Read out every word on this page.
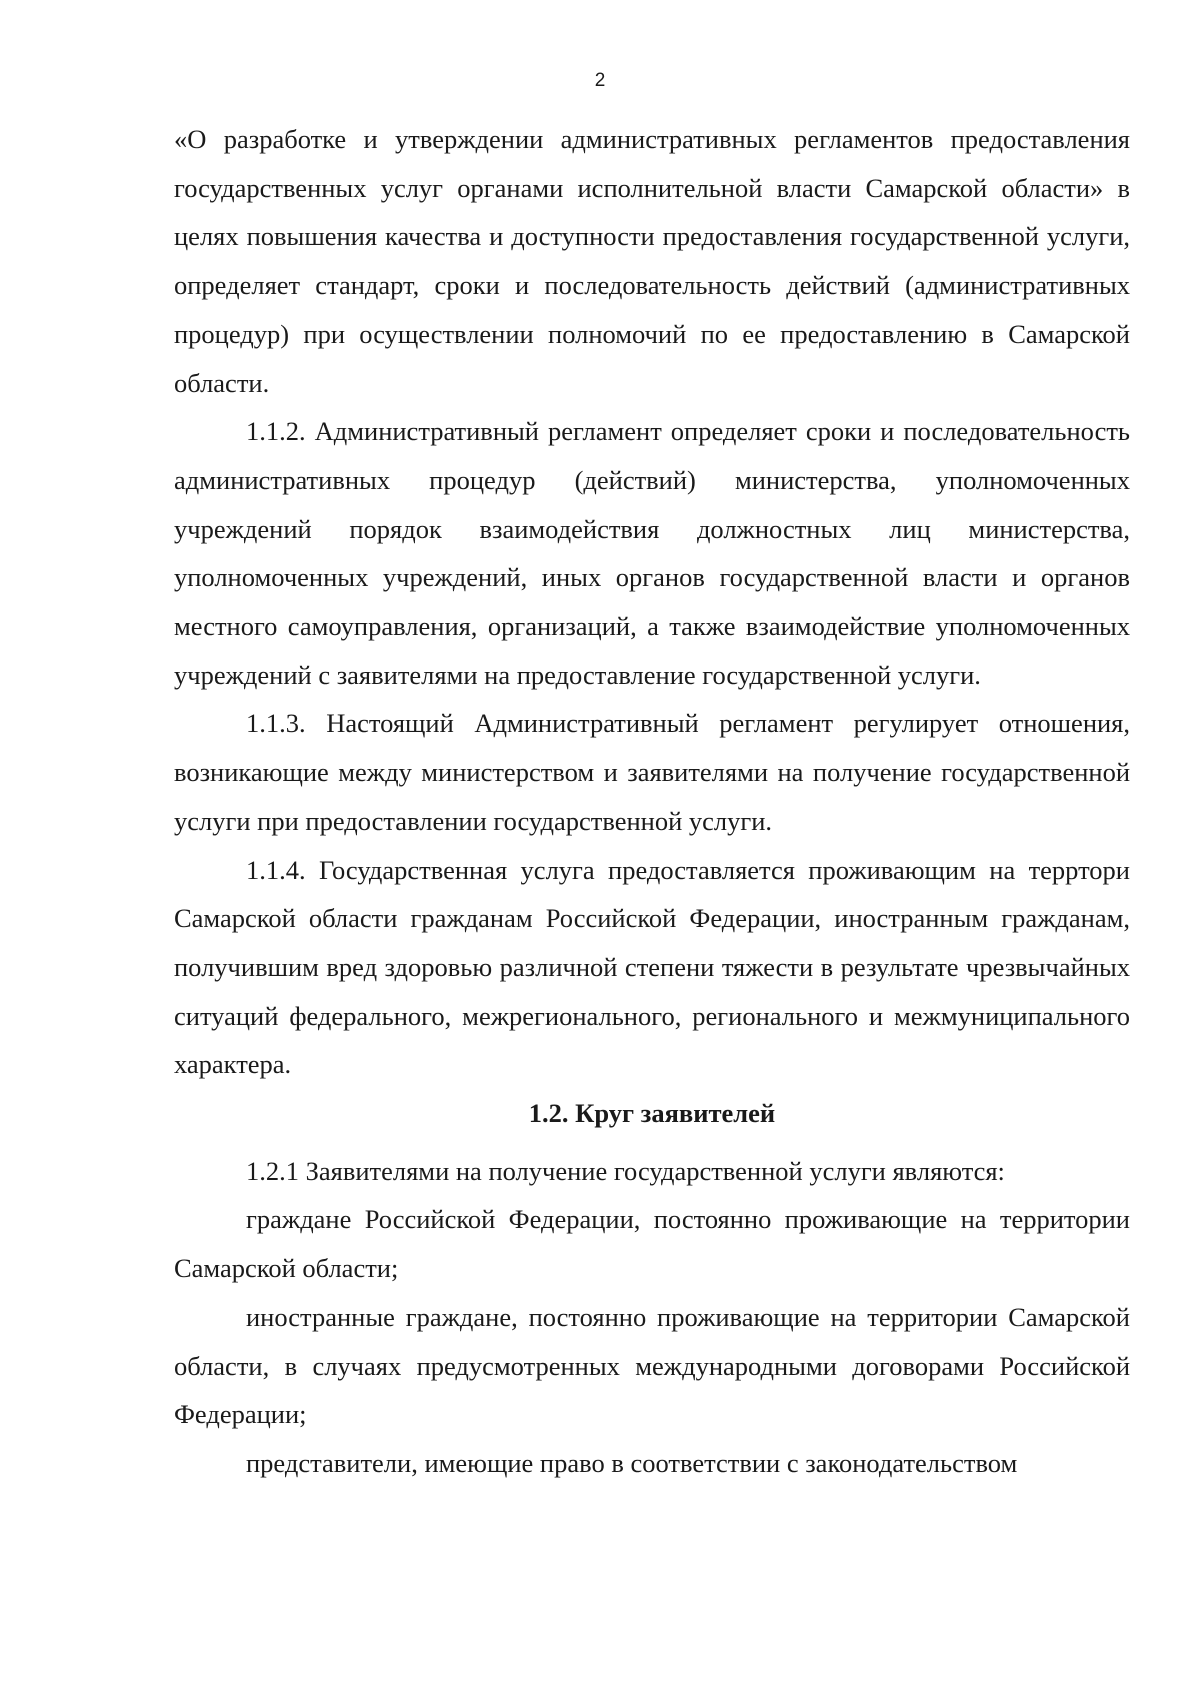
2

«О разработке и утверждении административных регламентов предоставления государственных услуг органами исполнительной власти Самарской области» в целях повышения качества и доступности предоставления государственной услуги, определяет стандарт, сроки и последовательность действий (административных процедур) при осуществлении полномочий по ее предоставлению в Самарской области.

1.1.2. Административный регламент определяет сроки и последовательность административных процедур (действий) министерства, уполномоченных учреждений порядок взаимодействия должностных лиц министерства, уполномоченных учреждений, иных органов государственной власти и органов местного самоуправления, организаций, а также взаимодействие уполномоченных учреждений с заявителями на предоставление государственной услуги.

1.1.3. Настоящий Административный регламент регулирует отношения, возникающие между министерством и заявителями на получение государственной услуги при предоставлении государственной услуги.

1.1.4. Государственная услуга предоставляется проживающим на терртори Самарской области гражданам Российской Федерации, иностранным гражданам, получившим вред здоровью различной степени тяжести в результате чрезвычайных ситуаций федерального, межрегионального, регионального и межмуниципального характера.

1.2. Круг заявителей

1.2.1 Заявителями на получение государственной услуги являются:

граждане Российской Федерации, постоянно проживающие на территории Самарской области;

иностранные граждане, постоянно проживающие на территории Самарской области, в случаях предусмотренных международными договорами Российской Федерации;

представители, имеющие право в соответствии с законодательством
